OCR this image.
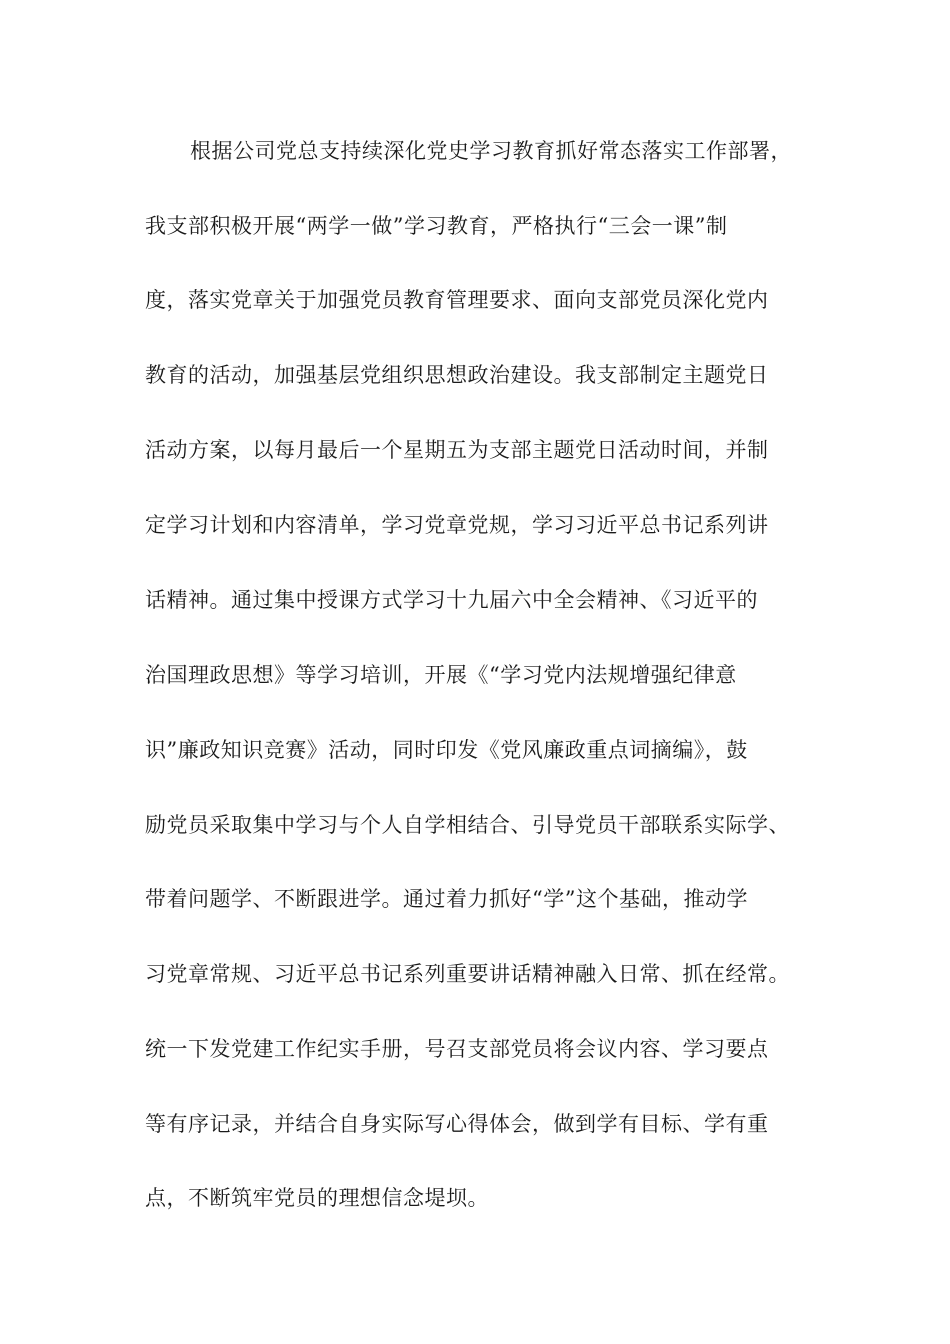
根据公司党总支持续深化党史学习教育抓好常态落实工作部署，
我支部积极开展“两学一做”学习教育，严格执行“三会一课”制
度，落实党章关于加强党员教育管理要求、面向支部党员深化党内
教育的活动，加强基层党组织思想政治建设。我支部制定主题党日
活动方案，以每月最后一个星期五为支部主题党日活动时间，并制
定学习计划和内容清单，学习党章党规，学习习近平总书记系列讲
话精神。通过集中授课方式学习十九届六中全会精神、《习近平的
治国理政思想》等学习培训，开展《“学习党内法规增强纪律意
识”廉政知识竞赛》活动，同时印发《党风廉政重点词摘编》，鼓
励党员采取集中学习与个人自学相结合、引导党员干部联系实际学、
带着问题学、不断跟进学。通过着力抓好“学”这个基础，推动学
习党章常规、习近平总书记系列重要讲话精神融入日常、抓在经常。
统一下发党建工作纪实手册，号召支部党员将会议内容、学习要点
等有序记录，并结合自身实际写心得体会，做到学有目标、学有重
点，不断筑牢党员的理想信念堤坝。
